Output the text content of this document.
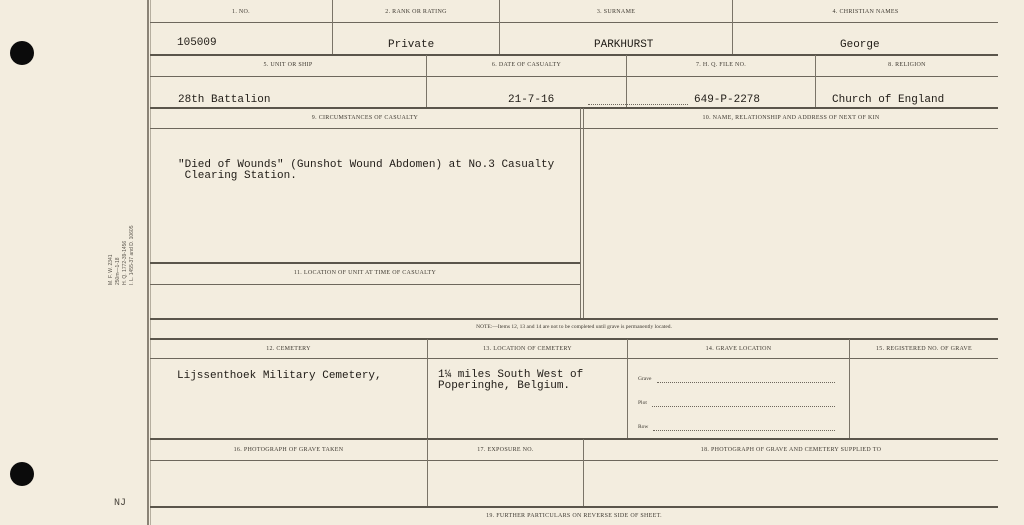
M. F. W. 2341 250m—1-18 H. Q. 1772-39-1456 I. L. 1455-37 and D. 10605
NJ
1. NO.	2. RANK OR RATING	3. SURNAME	4. CHRISTIAN NAMES
105009	Private	PARKHURST	George
5. UNIT OR SHIP	6. DATE OF CASUALTY	7. H. Q. FILE NO.	8. RELIGION
28th Battalion	21-7-16	649-P-2278	Church of England
9. CIRCUMSTANCES OF CASUALTY	10. NAME, RELATIONSHIP AND ADDRESS OF NEXT OF KIN
"Died of Wounds" (Gunshot Wound Abdomen) at No.3 Casualty
Clearing Station.
11. LOCATION OF UNIT AT TIME OF CASUALTY
NOTE:—Items 12, 13 and 14 are not to be completed until grave is permanently located.
12. CEMETERY	13. LOCATION OF CEMETERY	14. GRAVE LOCATION	15. REGISTERED NO. OF GRAVE
Lijssenthoek Military Cemetery,	1¼ miles South West of
Poperinghe, Belgium.
Grave
Plot
Row
16. PHOTOGRAPH OF GRAVE TAKEN	17. EXPOSURE NO.	18. PHOTOGRAPH OF GRAVE AND CEMETERY SUPPLIED TO
19. FURTHER PARTICULARS ON REVERSE SIDE OF SHEET.
